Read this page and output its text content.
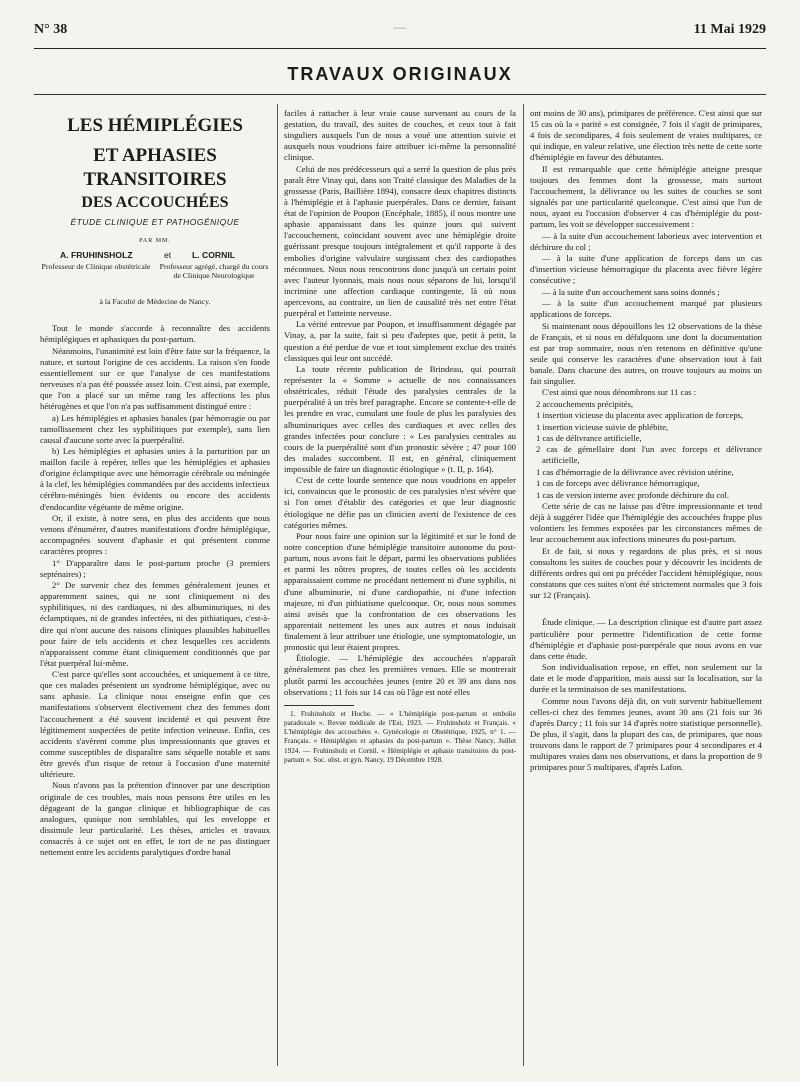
N° 38	~~~	11 Mai 1929
TRAVAUX ORIGINAUX
LES HÉMIPLÉGIES
ET APHASIES TRANSITOIRES
DES ACCOUCHÉES
ÉTUDE CLINIQUE ET PATHOGÉNIQUE
PAR MM.
A. FRUHINSHOLZ	et L. CORNIL
Professeur de Clinique obstétricale Professeur agrégé, chargé du cours de Clinique Neurologique
à la Faculté de Médecine de Nancy.

Tout le monde s'accorde à reconnaître des accidents hémiplégiques et aphasiques du post-partum.

Néanmoins, l'unanimité est loin d'être faite sur la fréquence, la nature, et surtout l'origine de ces accidents. La raison s'en fonde essentiellement sur ce que l'analyse de ces manifestations nerveuses n'a pas été poussée assez loin. C'est ainsi, par exemple, que l'on a placé sur un même rang les affections les plus hétérogènes et que l'on n'a pas suffisamment distingué entre :

a) Les hémiplégies et aphasies banales (par hémorragie ou par ramollissement chez les syphilitiques par exemple), sans lien causal d'aucune sorte avec la puerpéralité.

b) Les hémiplégies et aphasies unies à la parturition par un maillon facile à repérer, telles que les hémiplégies et aphasies d'origine éclamptique avec une hémorragie cérébrale ou méningée à la clef, les hémiplégies commandées par des accidents infectieux cérébro-méningés bien évidents ou encore des accidents d'endocardite végétante de même origine.

Or, il existe, à notre sens, en plus des accidents que nous venons d'énumérer, d'autres manifestations d'ordre hémiplégique, accompagnées souvent d'aphasie et qui présentent comme caractères propres :

1° D'apparaître dans le post-partum proche (3 premiers septénaires) ;

2° De survenir chez des femmes généralement jeunes et apparemment saines, qui ne sont cliniquement ni des syphilitiques, ni des cardiaques, ni des albuminuriques, ni des éclamptiques, ni de grandes infectées, ni des pithiatiques, c'est-à-dire qui n'ont aucune des raisons cliniques plausibles habituelles pour faire de tels accidents et chez lesquelles ces accidents n'apparaissent comme étant cliniquement conditionnés que par l'état puerpéral lui-même.

C'est parce qu'elles sont accouchées, et uniquement à ce titre, que ces malades présentent un syndrome hémiplégique, avec ou sans aphasie. La clinique nous enseigne enfin que ces manifestations s'observent électivement chez des femmes dont l'accouchement a été souvent incidenté et qui peuvent être légitimement suspectées de petite infection veineuse. Enfin, ces accidents s'avèrent comme plus impressionnants que graves et comme susceptibles de disparaître sans séquelle notable et sans être grevés d'un risque de retour à l'occasion d'une maternité ultérieure.

Nous n'avons pas la prétention d'innover par une description originale de ces troubles, mais nous pensons être utiles en les dégageant de la gangue clinique et bibliographique de cas analogues, quoique non semblables, qui les enveloppe et dissimule leur particularité. Les thèses, articles et travaux consacrés à ce sujet ont en effet, le tort de ne pas distinguer nettement entre les accidents paralytiques d'ordre banal

faciles à rattacher à leur vraie cause survenant au cours de la gestation, du travail, des suites de couches, et ceux tout à fait singuliers auxquels l'un de nous a voué une attention suivie et auxquels nous voudrions faire attribuer ici-même la personnalité clinique.

Celui de nos prédécesseurs qui a serré la question de plus près paraît être Vinay qui, dans son Traité classique des Maladies de la grossesse (Paris, Baillière 1894), consacre deux chapitres distincts à l'hémiplégie et à l'aphasie puerpérales. Dans ce dernier, faisant état de l'opinion de Poupon (Encéphale, 1885), il nous montre une aphasie apparaissant dans les quinze jours qui suivent l'accouchement, coïncidant souvent avec une hémiplégie droite guérissant presque toujours intégralement et qu'il rapporte à des embolies d'origine valvulaire surgissant chez des cardiopathes méconnues. Nous nous rencontrons donc jusqu'à un certain point avec l'auteur lyonnais, mais nous nous séparons de lui, lorsqu'il incrimine une affection cardiaque contingente, là où nous apercevons, au contraire, un lien de causalité très net entre l'état puerpéral et l'atteinte nerveuse.

La vérité entrevue par Poupon, et insuffisamment dégagée par Vinay, a, par la suite, fait si peu d'adeptes que, petit à petit, la question a été perdue de vue et tout simplement exclue des traités classiques qui leur ont succédé.

La toute récente publication de Brindeau, qui pourrait représenter la « Somme » actuelle de nos connaissances obstétricales, réduit l'étude des paralysies centrales de la puerpéralité à un très bref paragraphe. Encore se contente-t-elle de les prendre en vrac, cumulant une foule de plus les paralysies des albuminuriques avec celles des cardiaques et avec celles des grandes infectées pour conclure : « Les paralysies centrales au cours de la puerpéralité sont d'un pronostic sévère ; 47 pour 100 des malades succombent. Il est, en général, cliniquement impossible de faire un diagnostic étiologique » (t. II, p. 164).

C'est de cette lourde sentence que nous voudrions en appeler ici, convaincus que le pronostic de ces paralysies n'est sévère que si l'on omet d'établir des catégories et que leur diagnostic étiologique ne défie pas un clinicien averti de l'existence de ces catégories mêmes.

Pour nous faire une opinion sur la légitimité et sur le fond de notre conception d'une hémiplégie transitoire autonome du post-partum, nous avons fait le départ, parmi les observations publiées et parmi les nôtres propres, de toutes celles où les accidents apparaissaient comme ne procédant nettement ni d'une syphilis, ni d'une albuminurie, ni d'une cardiopathie, ni d'une infection majeure, ni d'un pithiatisme quelconque. Or, nous nous sommes ainsi avisés que la confrontation de ces observations les apparentait nettement les unes aux autres et nous induisait finalement à leur attribuer une étiologie, une symptomatologie, un pronostic qui leur étaient propres.

Étiologie. — L'hémiplégie des accouchées n'apparaît généralement pas chez les premières venues. Elle se montrerait plutôt parmi les accouchées jeunes (entre 20 et 39 ans dans nos observations ; 11 fois sur 14 cas où l'âge est noté elles

1. Fruhinsholz et Hoche. — « L'hémiplégie post-partum et embolie paradoxale ». Revue médicale de l'Est, 1923. — Fruhinsholz et Français. « L'hémiplégie des accouchées ». Gynécologie et Obstétrique, 1925, n° 1. — Français. « Hémiplégies et aphasies du post-partum ». Thèse Nancy, Juillet 1924. — Fruhinsholz et Cornil. « Hémiplégie et aphasie transitoires du post-partum ». Soc. obst. et gyn. Nancy, 19 Décembre 1928.

ont moins de 30 ans), primipares de préférence. C'est ainsi que sur 15 cas où la « parité » est consignée, 7 fois il s'agit de primipares, 4 fois de secondipares, 4 fois seulement de vraies multipares, ce qui indique, en valeur relative, une élection très nette de cette sorte d'hémiplégie en faveur des débutantes.

Il est remarquable que cette hémiplégie atteigne presque toujours des femmes dont la grossesse, mais surtout l'accouchement, la délivrance ou les suites de couches se sont signalés par une particularité quelconque. C'est ainsi que l'un de nous, ayant eu l'occasion d'observer 4 cas d'hémiplégie du post-partum, les voit se développer successivement :

— à la suite d'un accouchement laborieux avec intervention et déchirure du col ;

— à la suite d'une application de forceps dans un cas d'insertion vicieuse hémorragique du placenta avec fièvre légère consécutive ;

— à la suite d'un accouchement sans soins donnés ;

— à la suite d'un accouchement marqué par plusieurs applications de forceps.

Si maintenant nous dépouillons les 12 observations de la thèse de Français, et si nous en défalquons une dont la documentation est par trop sommaire, nous n'en retenons en définitive qu'une seule qui conserve les caractères d'une observation tout à fait banale. Dans chacune des autres, on trouve toujours au moins un fait singulier.

C'est ainsi que nous dénombrons sur 11 cas :

2 accouchements précipités,

1 insertion vicieuse du placenta avec application de forceps,

1 insertion vicieuse suivie de phlébite,

1 cas de délivrance artificielle,

2 cas de gémellaire dont l'un avec forceps et délivrance artificielle,

1 cas d'hémorragie de la délivrance avec révision utérine,

1 cas de forceps avec délivrance hémorragique,

1 cas de version interne avec profonde déchirure du col.

Cette série de cas ne laisse pas d'être impressionnante et tend déjà à suggérer l'idée que l'hémiplégie des accouchées frappe plus volontiers les femmes exposées par les circonstances mêmes de leur accouchement aux infections mineures du post-partum.

Et de fait, si nous y regardons de plus près, et si nous consultons les suites de couches pour y découvrir les incidents de différents ordres qui ont pu précéder l'accident hémiplégique, nous constatons que ces suites n'ont été strictement normales que 3 fois sur 12 (Français).

Étude clinique. — La description clinique est d'autre part assez particulière pour permettre l'identification de cette forme d'hémiplégie et d'aphasie post-puerpérale que nous avons en vue dans cette étude.

Son individualisation repose, en effet, non seulement sur la date et le mode d'apparition, mais aussi sur la localisation, sur la durée et la terminaison de ses manifestations.

Comme nous l'avons déjà dit, on voit survenir habituellement celles-ci chez des femmes jeunes, avant 30 ans (21 fois sur 36 d'après Darcy ; 11 fois sur 14 d'après notre statistique personnelle). De plus, il s'agit, dans la plupart des cas, de primipares, que nous trouvons dans le rapport de 7 primipares pour 4 secondipares et 4 multipares vraies dans nos observations, et dans la proportion de 9 primipares pour 5 multipares, d'après Lafon.
